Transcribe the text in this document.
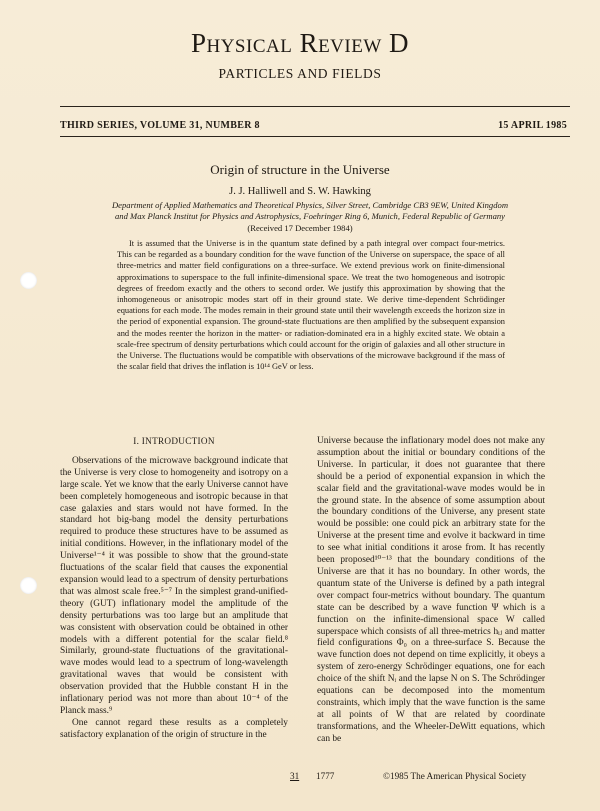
Physical Review D
PARTICLES AND FIELDS
THIRD SERIES, VOLUME 31, NUMBER 8	15 APRIL 1985
Origin of structure in the Universe
J. J. Halliwell and S. W. Hawking
Department of Applied Mathematics and Theoretical Physics, Silver Street, Cambridge CB3 9EW, United Kingdom
and Max Planck Institut for Physics and Astrophysics, Foehringer Ring 6, Munich, Federal Republic of Germany
(Received 17 December 1984)
It is assumed that the Universe is in the quantum state defined by a path integral over compact four-metrics. This can be regarded as a boundary condition for the wave function of the Universe on superspace, the space of all three-metrics and matter field configurations on a three-surface. We extend previous work on finite-dimensional approximations to superspace to the full infinite-dimensional space. We treat the two homogeneous and isotropic degrees of freedom exactly and the others to second order. We justify this approximation by showing that the inhomogeneous or anisotropic modes start off in their ground state. We derive time-dependent Schrödinger equations for each mode. The modes remain in their ground state until their wavelength exceeds the horizon size in the period of exponential expansion. The ground-state fluctuations are then amplified by the subsequent expansion and the modes reenter the horizon in the matter- or radiation-dominated era in a highly excited state. We obtain a scale-free spectrum of density perturbations which could account for the origin of galaxies and all other structure in the Universe. The fluctuations would be compatible with observations of the microwave background if the mass of the scalar field that drives the inflation is 10¹⁴ GeV or less.
I. INTRODUCTION

Observations of the microwave background indicate that the Universe is very close to homogeneity and isotropy on a large scale. Yet we know that the early Universe cannot have been completely homogeneous and isotropic because in that case galaxies and stars would not have formed. In the standard hot big-bang model the density perturbations required to produce these structures have to be assumed as initial conditions. However, in the inflationary model of the Universe¹⁻⁴ it was possible to show that the ground-state fluctuations of the scalar field that causes the exponential expansion would lead to a spectrum of density perturbations that was almost scale free.⁵⁻⁷ In the simplest grand-unified-theory (GUT) inflationary model the amplitude of the density perturbations was too large but an amplitude that was consistent with observation could be obtained in other models with a different potential for the scalar field.⁸ Similarly, ground-state fluctuations of the gravitational-wave modes would lead to a spectrum of long-wavelength gravitational waves that would be consistent with observation provided that the Hubble constant H in the inflationary period was not more than about 10⁻⁴ of the Planck mass.⁹

One cannot regard these results as a completely satisfactory explanation of the origin of structure in the

Universe because the inflationary model does not make any assumption about the initial or boundary conditions of the Universe. In particular, it does not guarantee that there should be a period of exponential expansion in which the scalar field and the gravitational-wave modes would be in the ground state. In the absence of some assumption about the boundary conditions of the Universe, any present state would be possible: one could pick an arbitrary state for the Universe at the present time and evolve it backward in time to see what initial conditions it arose from. It has recently been proposed¹⁰⁻¹³ that the boundary conditions of the Universe are that it has no boundary. In other words, the quantum state of the Universe is defined by a path integral over compact four-metrics without boundary. The quantum state can be described by a wave function Ψ which is a function on the infinite-dimensional space W called superspace which consists of all three-metrics hᵢⱼ and matter field configurations Φ₀ on a three-surface S. Because the wave function does not depend on time explicitly, it obeys a system of zero-energy Schrödinger equations, one for each choice of the shift Nᵢ and the lapse N on S. The Schrödinger equations can be decomposed into the momentum constraints, which imply that the wave function is the same at all points of W that are related by coordinate transformations, and the Wheeler-DeWitt equations, which can be

31 1777	©1985 The American Physical Society
